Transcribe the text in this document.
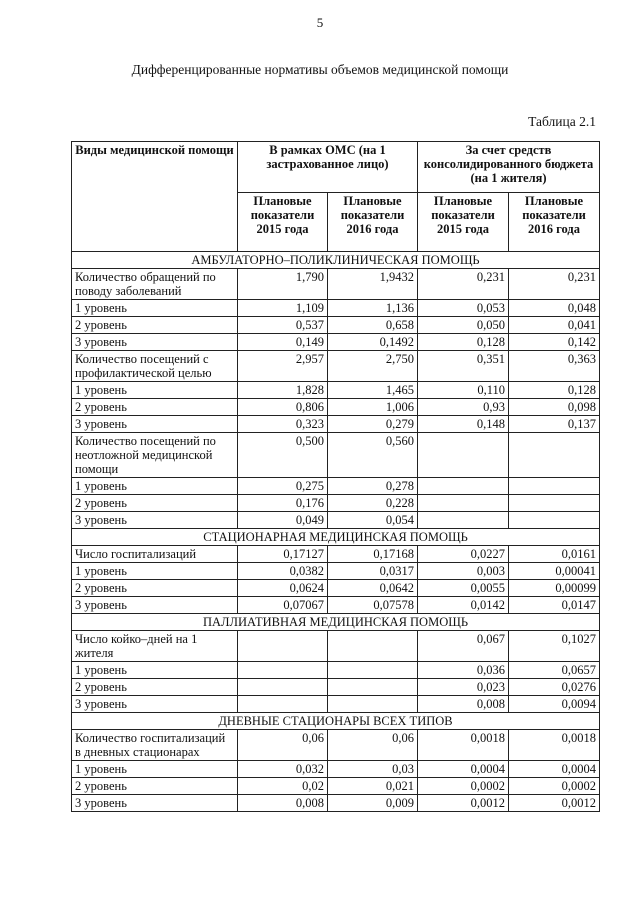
5
Дифференцированные нормативы объемов медицинской помощи
Таблица 2.1
Виды медицинской помощи	В рамках ОМС (на 1 застрахованное лицо)		За счет средств консолидированного бюджета (на 1 жителя)	
	Плановые показатели 2015 года	Плановые показатели 2016 года	Плановые показатели 2015 года	Плановые показатели 2016 года
АМБУЛАТОРНО–ПОЛИКЛИНИЧЕСКАЯ ПОМОЩЬ				
Количество обращений по поводу заболеваний	1,790	1,9432	0,231	0,231
1 уровень	1,109	1,136	0,053	0,048
2 уровень	0,537	0,658	0,050	0,041
3 уровень	0,149	0,1492	0,128	0,142
Количество посещений с профилактической целью	2,957	2,750	0,351	0,363
1 уровень	1,828	1,465	0,110	0,128
2 уровень	0,806	1,006	0,93	0,098
3 уровень	0,323	0,279	0,148	0,137
Количество посещений по неотложной медицинской помощи	0,500	0,560		
1 уровень	0,275	0,278		
2 уровень	0,176	0,228		
3 уровень	0,049	0,054		
СТАЦИОНАРНАЯ МЕДИЦИНСКАЯ ПОМОЩЬ				
Число госпитализаций	0,17127	0,17168	0,0227	0,0161
1 уровень	0,0382	0,0317	0,003	0,00041
2 уровень	0,0624	0,0642	0,0055	0,00099
3 уровень	0,07067	0,07578	0,0142	0,0147
ПАЛЛИАТИВНАЯ МЕДИЦИНСКАЯ ПОМОЩЬ				
Число койко–дней на 1 жителя			0,067	0,1027
1 уровень			0,036	0,0657
2 уровень			0,023	0,0276
3 уровень			0,008	0,0094
ДНЕВНЫЕ СТАЦИОНАРЫ ВСЕХ ТИПОВ				
Количество госпитализаций в дневных стационарах	0,06	0,06	0,0018	0,0018
1 уровень	0,032	0,03	0,0004	0,0004
2 уровень	0,02	0,021	0,0002	0,0002
3 уровень	0,008	0,009	0,0012	0,0012
